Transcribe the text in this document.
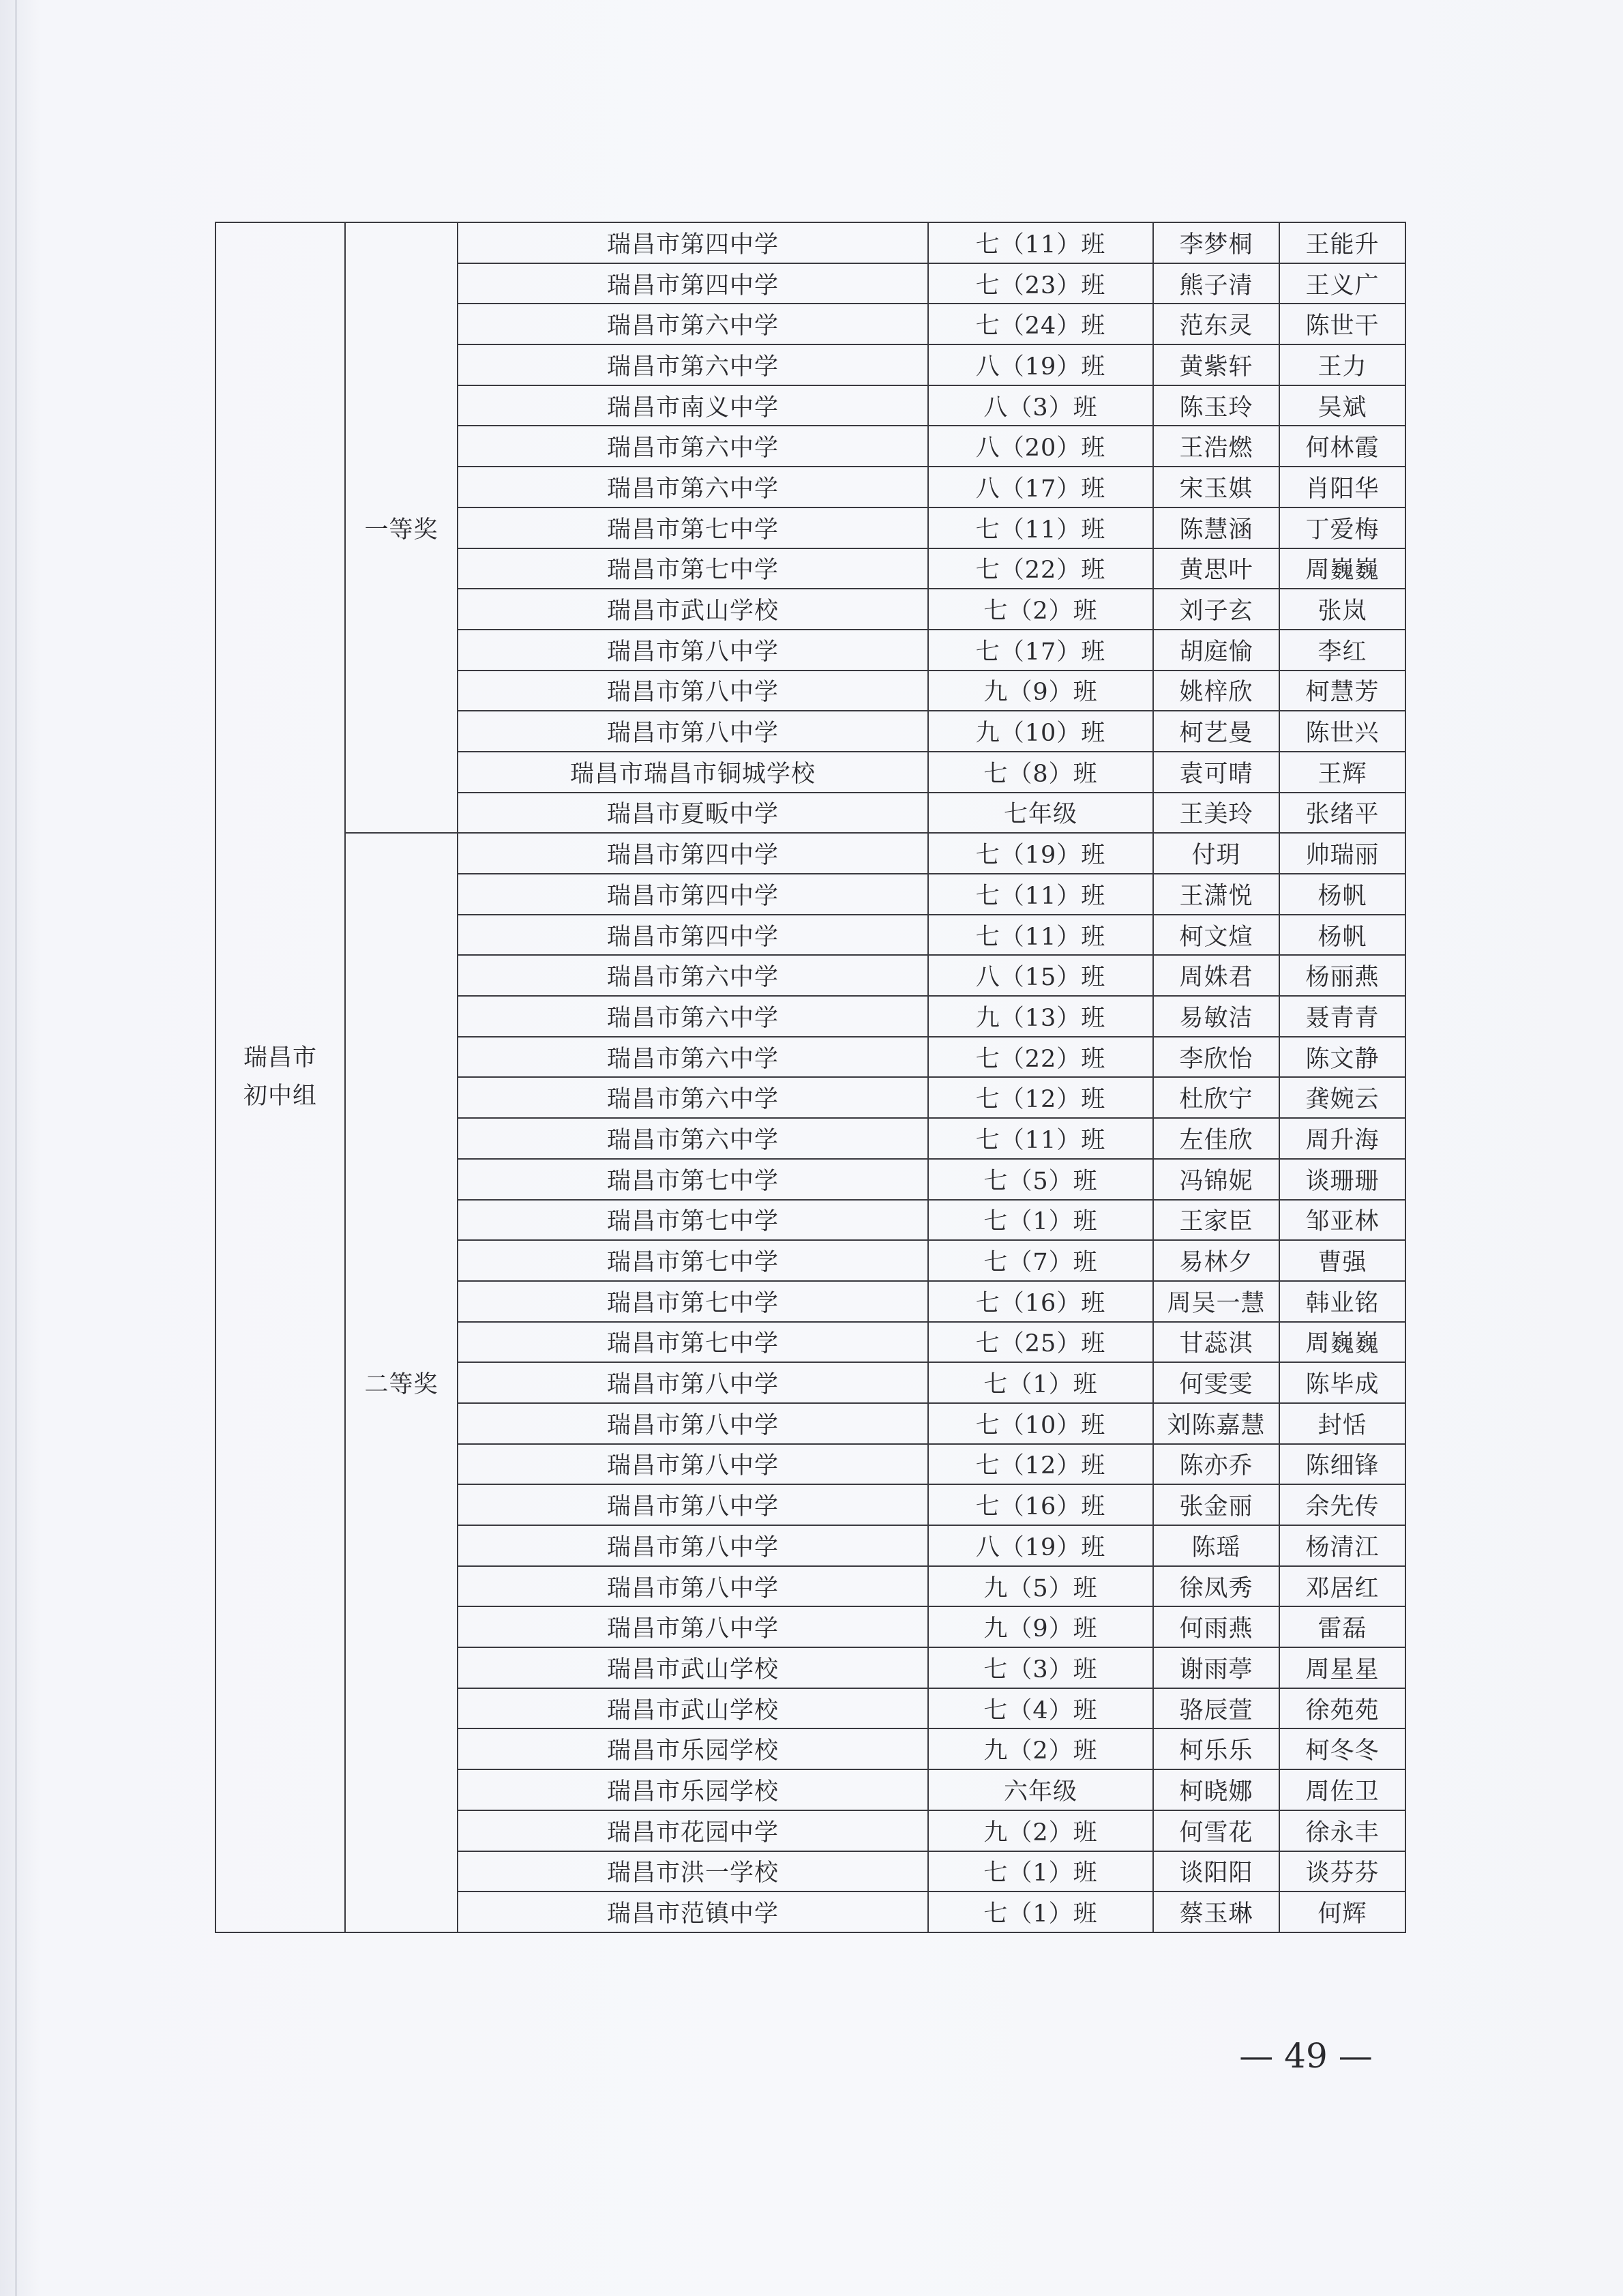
瑞昌市
初中组	一等奖	瑞昌市第四中学	七（11）班	李梦桐	王能升
		瑞昌市第四中学	七（23）班	熊子清	王义广
		瑞昌市第六中学	七（24）班	范东灵	陈世干
		瑞昌市第六中学	八（19）班	黄紫轩	王力
		瑞昌市南义中学	八（3）班	陈玉玲	吴斌
		瑞昌市第六中学	八（20）班	王浩燃	何林霞
		瑞昌市第六中学	八（17）班	宋玉娸	肖阳华
		瑞昌市第七中学	七（11）班	陈慧涵	丁爱梅
		瑞昌市第七中学	七（22）班	黄思叶	周巍巍
		瑞昌市武山学校	七（2）班	刘子玄	张岚
		瑞昌市第八中学	七（17）班	胡庭愉	李红
		瑞昌市第八中学	九（9）班	姚梓欣	柯慧芳
		瑞昌市第八中学	九（10）班	柯艺曼	陈世兴
		瑞昌市瑞昌市铜城学校	七（8）班	袁可晴	王辉
		瑞昌市夏畈中学	七年级	王美玲	张绪平
	二等奖	瑞昌市第四中学	七（19）班	付玥	帅瑞丽
		瑞昌市第四中学	七（11）班	王潇悦	杨帆
		瑞昌市第四中学	七（11）班	柯文煊	杨帆
		瑞昌市第六中学	八（15）班	周姝君	杨丽燕
		瑞昌市第六中学	九（13）班	易敏洁	聂青青
		瑞昌市第六中学	七（22）班	李欣怡	陈文静
		瑞昌市第六中学	七（12）班	杜欣宁	龚婉云
		瑞昌市第六中学	七（11）班	左佳欣	周升海
		瑞昌市第七中学	七（5）班	冯锦妮	谈珊珊
		瑞昌市第七中学	七（1）班	王家臣	邹亚林
		瑞昌市第七中学	七（7）班	易林夕	曹强
		瑞昌市第七中学	七（16）班	周吴一慧	韩业铭
		瑞昌市第七中学	七（25）班	甘蕊淇	周巍巍
		瑞昌市第八中学	七（1）班	何雯雯	陈毕成
		瑞昌市第八中学	七（10）班	刘陈嘉慧	封恬
		瑞昌市第八中学	七（12）班	陈亦乔	陈细锋
		瑞昌市第八中学	七（16）班	张金丽	余先传
		瑞昌市第八中学	八（19）班	陈瑶	杨清江
		瑞昌市第八中学	九（5）班	徐凤秀	邓居红
		瑞昌市第八中学	九（9）班	何雨燕	雷磊
		瑞昌市武山学校	七（3）班	谢雨葶	周星星
		瑞昌市武山学校	七（4）班	骆辰萱	徐苑苑
		瑞昌市乐园学校	九（2）班	柯乐乐	柯冬冬
		瑞昌市乐园学校	六年级	柯晓娜	周佐卫
		瑞昌市花园中学	九（2）班	何雪花	徐永丰
		瑞昌市洪一学校	七（1）班	谈阳阳	谈芬芬
		瑞昌市范镇中学	七（1）班	蔡玉琳	何辉
— 49 —
